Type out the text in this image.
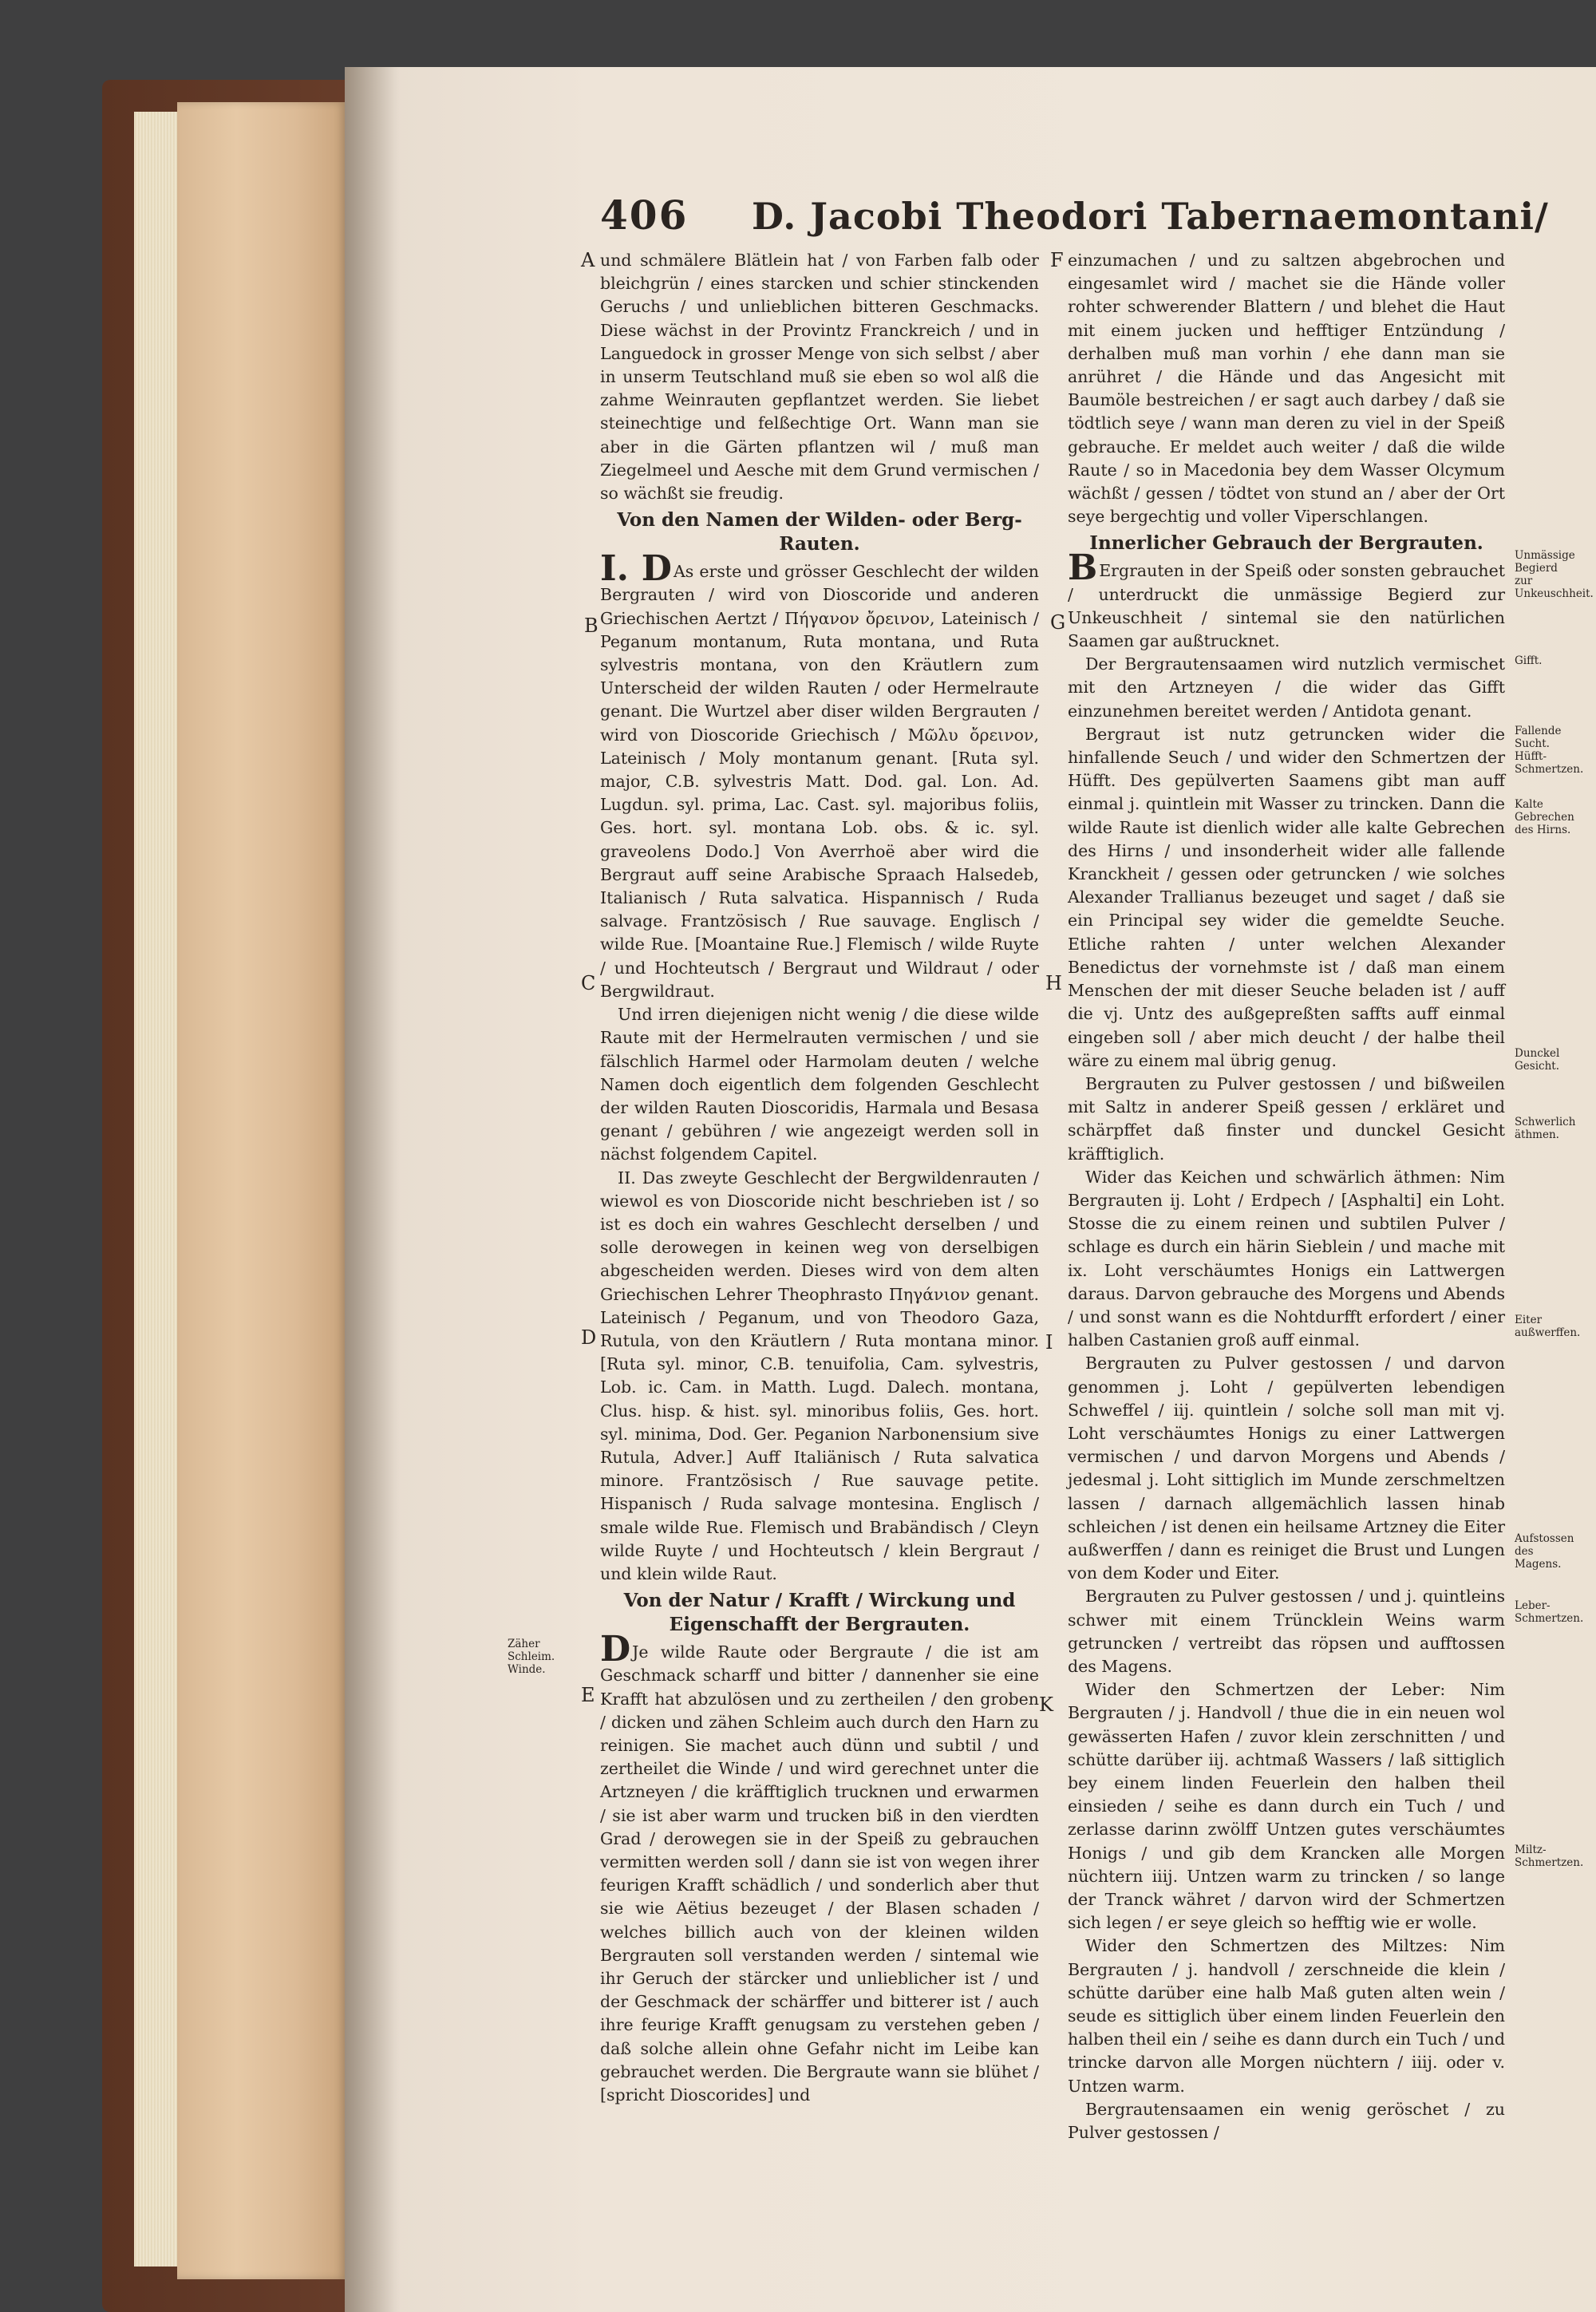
406 D. Jacobi Theodori Tabernaemontani/
A
B
C
D
E
F
G
H
I
K

und schmälere Blätlein hat / von Farben falb oder bleichgrün / eines starcken und schier stinckenden Geruchs / und unlieblichen bitteren Geschmacks. Diese wächst in der Provintz Franckreich / und in Languedock in grosser Menge von sich selbst / aber in unserm Teutschland muß sie eben so wol alß die zahme Weinrauten gepflantzet werden. Sie liebet steinechtige und felßechtige Ort. Wann man sie aber in die Gärten pflantzen wil / muß man Ziegelmeel und Aesche mit dem Grund vermischen / so wächßt sie freudig.

Von den Namen der Wilden- oder Berg-Rauten.

I. DAs erste und grösser Geschlecht der wilden Bergrauten / wird von Dioscoride und anderen Griechischen Aertzt / Πήγανον ὄρεινον, Lateinisch / Peganum montanum, Ruta montana, und Ruta sylvestris montana, von den Kräutlern zum Unterscheid der wilden Rauten / oder Hermelraute genant. Die Wurtzel aber diser wilden Bergrauten / wird von Dioscoride Griechisch / Μῶλυ ὄρεινον, Lateinisch / Moly montanum genant. [Ruta syl. major, C.B. sylvestris Matt. Dod. gal. Lon. Ad. Lugdun. syl. prima, Lac. Cast. syl. majoribus foliis, Ges. hort. syl. montana Lob. obs. & ic. syl. graveolens Dodo.] Von Averrhoë aber wird die Bergraut auff seine Arabische Spraach Halsedeb, Italianisch / Ruta salvatica. Hispannisch / Ruda salvage. Frantzösisch / Rue sauvage. Englisch / wilde Rue. [Moantaine Rue.] Flemisch / wilde Ruyte / und Hochteutsch / Bergraut und Wildraut / oder Bergwildraut.

Und irren diejenigen nicht wenig / die diese wilde Raute mit der Hermelrauten vermischen / und sie fälschlich Harmel oder Harmolam deuten / welche Namen doch eigentlich dem folgenden Geschlecht der wilden Rauten Dioscoridis, Harmala und Besasa genant / gebühren / wie angezeigt werden soll in nächst folgendem Capitel.

II. Das zweyte Geschlecht der Bergwildenrauten / wiewol es von Dioscoride nicht beschrieben ist / so ist es doch ein wahres Geschlecht derselben / und solle derowegen in keinen weg von derselbigen abgescheiden werden. Dieses wird von dem alten Griechischen Lehrer Theophrasto Πηγάνιον genant. Lateinisch / Peganum, und von Theodoro Gaza, Rutula, von den Kräutlern / Ruta montana minor. [Ruta syl. minor, C.B. tenuifolia, Cam. sylvestris, Lob. ic. Cam. in Matth. Lugd. Dalech. montana, Clus. hisp. & hist. syl. minoribus foliis, Ges. hort. syl. minima, Dod. Ger. Peganion Narbonensium sive Rutula, Adver.] Auff Italiänisch / Ruta salvatica minore. Frantzösisch / Rue sauvage petite. Hispanisch / Ruda salvage montesina. Englisch / smale wilde Rue. Flemisch und Brabändisch / Cleyn wilde Ruyte / und Hochteutsch / klein Bergraut / und klein wilde Raut.

Von der Natur / Krafft / Wirckung und Eigenschafft der Bergrauten.

DJe wilde Raute oder Bergraute / die ist am Geschmack scharff und bitter / dannenher sie eine Krafft hat abzulösen und zu zertheilen / den groben / dicken und zähen Schleim auch durch den Harn zu reinigen. Sie machet auch dünn und subtil / und zertheilet die Winde / und wird gerechnet unter die Artzneyen / die kräfftiglich trucknen und erwarmen / sie ist aber warm und trucken biß in den vierdten Grad / derowegen sie in der Speiß zu gebrauchen vermitten werden soll / dann sie ist von wegen ihrer feurigen Krafft schädlich / und sonderlich aber thut sie wie Aëtius bezeuget / der Blasen schaden / welches billich auch von der kleinen wilden Bergrauten soll verstanden werden / sintemal wie ihr Geruch der stärcker und unlieblicher ist / und der Geschmack der schärffer und bitterer ist / auch ihre feurige Krafft genugsam zu verstehen geben / daß solche allein ohne Gefahr nicht im Leibe kan gebrauchet werden. Die Bergraute wann sie blühet / [spricht Dioscorides] und

einzumachen / und zu saltzen abgebrochen und eingesamlet wird / machet sie die Hände voller rohter schwerender Blattern / und blehet die Haut mit einem jucken und hefftiger Entzündung / derhalben muß man vorhin / ehe dann man sie anrühret / die Hände und das Angesicht mit Baumöle bestreichen / er sagt auch darbey / daß sie tödtlich seye / wann man deren zu viel in der Speiß gebrauche. Er meldet auch weiter / daß die wilde Raute / so in Macedonia bey dem Wasser Olcymum wächßt / gessen / tödtet von stund an / aber der Ort seye bergechtig und voller Viperschlangen.

Innerlicher Gebrauch der Bergrauten.

BErgrauten in der Speiß oder sonsten gebrauchet / unterdruckt die unmässige Begierd zur Unkeuschheit / sintemal sie den natürlichen Saamen gar außtrucknet.

Der Bergrautensaamen wird nutzlich vermischet mit den Artzneyen / die wider das Gifft einzunehmen bereitet werden / Antidota genant.

Bergraut ist nutz getruncken wider die hinfallende Seuch / und wider den Schmertzen der Hüfft. Des gepülverten Saamens gibt man auff einmal j. quintlein mit Wasser zu trincken. Dann die wilde Raute ist dienlich wider alle kalte Gebrechen des Hirns / und insonderheit wider alle fallende Kranckheit / gessen oder getruncken / wie solches Alexander Trallianus bezeuget und saget / daß sie ein Principal sey wider die gemeldte Seuche. Etliche rahten / unter welchen Alexander Benedictus der vornehmste ist / daß man einem Menschen der mit dieser Seuche beladen ist / auff die vj. Untz des außgepreßten saffts auff einmal eingeben soll / aber mich deucht / der halbe theil wäre zu einem mal übrig genug.

Bergrauten zu Pulver gestossen / und bißweilen mit Saltz in anderer Speiß gessen / erkläret und schärpffet daß finster und dunckel Gesicht kräfftiglich.

Wider das Keichen und schwärlich äthmen: Nim Bergrauten ij. Loht / Erdpech / [Asphalti] ein Loht. Stosse die zu einem reinen und subtilen Pulver / schlage es durch ein härin Sieblein / und mache mit ix. Loht verschäumtes Honigs ein Lattwergen daraus. Darvon gebrauche des Morgens und Abends / und sonst wann es die Nohtdurfft erfordert / einer halben Castanien groß auff einmal.

Bergrauten zu Pulver gestossen / und darvon genommen j. Loht / gepülverten lebendigen Schweffel / iij. quintlein / solche soll man mit vj. Loht verschäumtes Honigs zu einer Lattwergen vermischen / und darvon Morgens und Abends / jedesmal j. Loht sittiglich im Munde zerschmeltzen lassen / darnach allgemächlich lassen hinab schleichen / ist denen ein heilsame Artzney die Eiter außwerffen / dann es reiniget die Brust und Lungen von dem Koder und Eiter.

Bergrauten zu Pulver gestossen / und j. quintleins schwer mit einem Trüncklein Weins warm getruncken / vertreibt das röpsen und aufftossen des Magens.

Wider den Schmertzen der Leber: Nim Bergrauten / j. Handvoll / thue die in ein neuen wol gewässerten Hafen / zuvor klein zerschnitten / und schütte darüber iij. achtmaß Wassers / laß sittiglich bey einem linden Feuerlein den halben theil einsieden / seihe es dann durch ein Tuch / und zerlasse darinn zwölff Untzen gutes verschäumtes Honigs / und gib dem Krancken alle Morgen nüchtern iiij. Untzen warm zu trincken / so lange der Tranck währet / darvon wird der Schmertzen sich legen / er seye gleich so hefftig wie er wolle.

Wider den Schmertzen des Miltzes: Nim Bergrauten / j. handvoll / zerschneide die klein / schütte darüber eine halb Maß guten alten wein / seude es sittiglich über einem linden Feuerlein den halben theil ein / seihe es dann durch ein Tuch / und trincke darvon alle Morgen nüchtern / iiij. oder v. Untzen warm.

Bergrautensaamen ein wenig geröschet / zu Pulver gestossen /

Zäher Schleim. Winde.
Unmässige Begierd zur Unkeuschheit.
Gifft.
Fallende Sucht. Hüfft-Schmertzen.
Kalte Gebrechen des Hirns.
Dunckel Gesicht.
Schwerlich äthmen.
Eiter außwerffen.
Aufstossen des Magens.
Leber-Schmertzen.
Miltz-Schmertzen.
